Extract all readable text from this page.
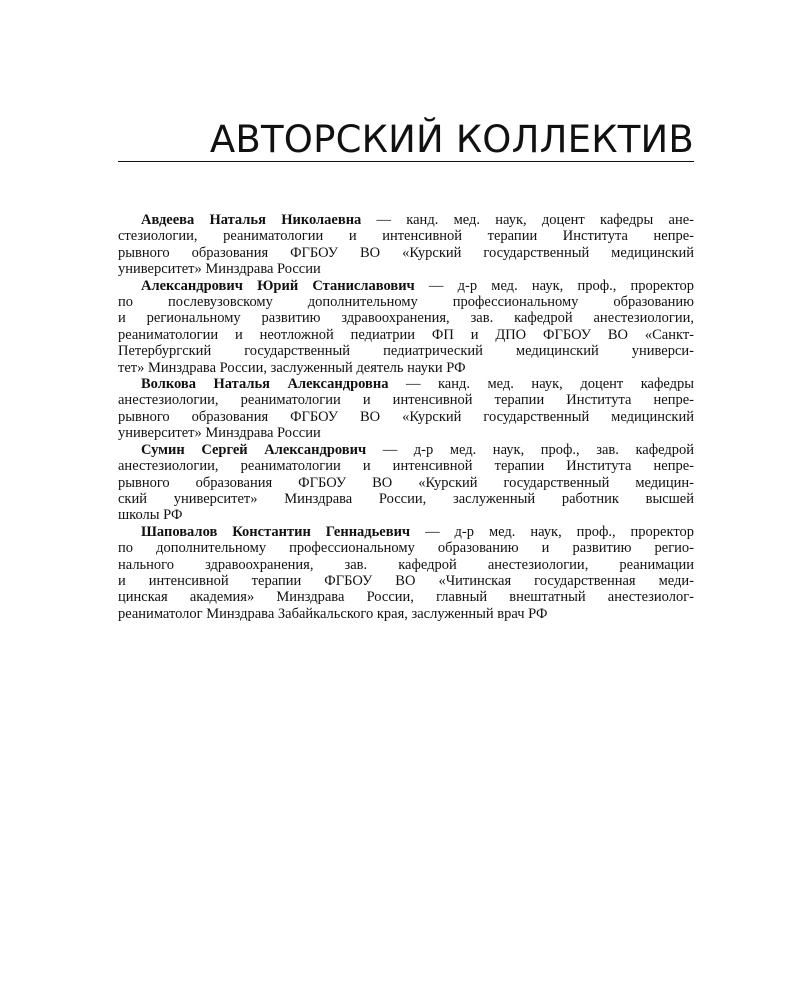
АВТОРСКИЙ КОЛЛЕКТИВ
Авдеева Наталья Николаевна — канд. мед. наук, доцент кафедры ане-
стезиологии, реаниматологии и интенсивной терапии Института непре-
рывного образования ФГБОУ ВО «Курский государственный медицинский
университет» Минздрава России
Александрович Юрий Станиславович — д-р мед. наук, проф., проректор
по послевузовскому дополнительному профессиональному образованию
и региональному развитию здравоохранения, зав. кафедрой анестезиологии,
реаниматологии и неотложной педиатрии ФП и ДПО ФГБОУ ВО «Санкт-
Петербургский государственный педиатрический медицинский универси-
тет» Минздрава России, заслуженный деятель науки РФ
Волкова Наталья Александровна — канд. мед. наук, доцент кафедры
анестезиологии, реаниматологии и интенсивной терапии Института непре-
рывного образования ФГБОУ ВО «Курский государственный медицинский
университет» Минздрава России
Сумин Сергей Александрович — д-р мед. наук, проф., зав. кафедрой
анестезиологии, реаниматологии и интенсивной терапии Института непре-
рывного образования ФГБОУ ВО «Курский государственный медицин-
ский университет» Минздрава России, заслуженный работник высшей
школы РФ
Шаповалов Константин Геннадьевич — д-р мед. наук, проф., проректор
по дополнительному профессиональному образованию и развитию регио-
нального здравоохранения, зав. кафедрой анестезиологии, реанимации
и интенсивной терапии ФГБОУ ВО «Читинская государственная меди-
цинская академия» Минздрава России, главный внештатный анестезиолог-
реаниматолог Минздрава Забайкальского края, заслуженный врач РФ
